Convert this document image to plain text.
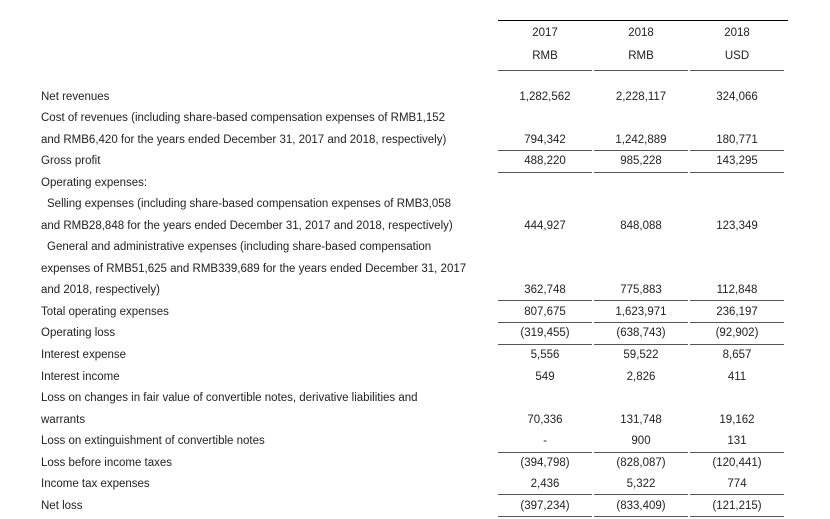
2017	2018	2018
RMB	RMB	USD
Net revenues	1,282,562	2,228,117	324,066
Cost of revenues (including share-based compensation expenses of RMB1,152
and RMB6,420 for the years ended December 31, 2017 and 2018, respectively)	794,342	1,242,889	180,771
Gross profit	488,220	985,228	143,295
Operating expenses:
Selling expenses (including share-based compensation expenses of RMB3,058
and RMB28,848 for the years ended December 31, 2017 and 2018, respectively)	444,927	848,088	123,349
General and administrative expenses (including share-based compensation
expenses of RMB51,625 and RMB339,689 for the years ended December 31, 2017
and 2018, respectively)	362,748	775,883	112,848
Total operating expenses	807,675	1,623,971	236,197
Operating loss	(319,455)	(638,743)	(92,902)
Interest expense	5,556	59,522	8,657
Interest income	549	2,826	411
Loss on changes in fair value of convertible notes, derivative liabilities and
warrants	70,336	131,748	19,162
Loss on extinguishment of convertible notes	-	900	131
Loss before income taxes	(394,798)	(828,087)	(120,441)
Income tax expenses	2,436	5,322	774
Net loss	(397,234)	(833,409)	(121,215)
